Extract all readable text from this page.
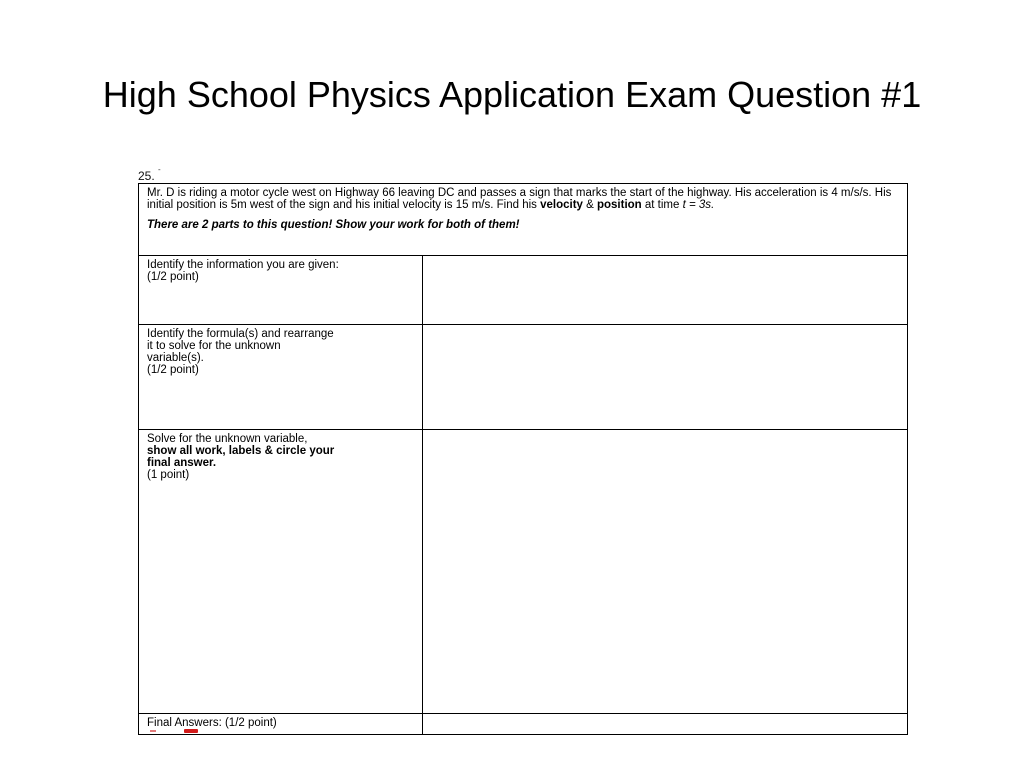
High School Physics Application Exam Question #1
25. -
Mr. D is riding a motor cycle west on Highway 66 leaving DC and passes a sign that marks the start of the highway. His acceleration is 4 m/s/s. His initial position is 5m west of the sign and his initial velocity is 15 m/s. Find his velocity & position at time t = 3s.
There are 2 parts to this question! Show your work for both of them!	

Identify the information you are given:
(1/2 point)	

Identify the formula(s) and rearrange
it to solve for the unknown
variable(s).
(1/2 point)	

Solve for the unknown variable,
show all work, labels & circle your
final answer.
(1 point)	

Final Answers: (1/2 point)	
